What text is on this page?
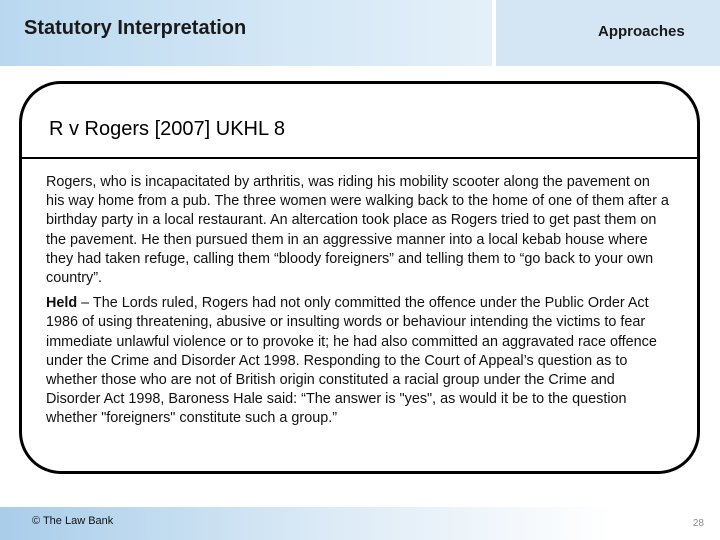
Statutory Interpretation	Approaches
R v Rogers [2007] UKHL 8

Rogers, who is incapacitated by arthritis, was riding his mobility scooter along the pavement on his way home from a pub. The three women were walking back to the home of one of them after a birthday party in a local restaurant. An altercation took place as Rogers tried to get past them on the pavement. He then pursued them in an aggressive manner into a local kebab house where they had taken refuge, calling them “bloody foreigners” and telling them to “go back to your own country”.

Held – The Lords ruled, Rogers had not only committed the offence under the Public Order Act 1986 of using threatening, abusive or insulting words or behaviour intending the victims to fear immediate unlawful violence or to provoke it; he had also committed an aggravated race offence under the Crime and Disorder Act 1998. Responding to the Court of Appeal’s question as to whether those who are not of British origin constituted a racial group under the Crime and Disorder Act 1998, Baroness Hale said: “The answer is "yes", as would it be to the question whether "foreigners" constitute such a group.”

© The Law Bank	28
